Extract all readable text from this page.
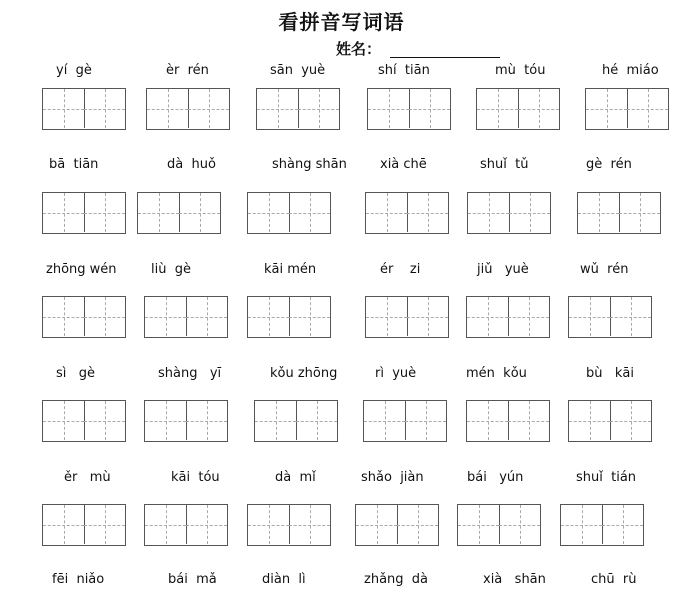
看拼音写词语
姓名：
yí  gè	èr  rén	sān  yuè	shí  tiān	mù  tóu	hé  miáo
bā  tiān	dà  huǒ	shàng shān	xià chē	shuǐ  tǔ	gè  rén
zhōng wén	liù  gè	kāi mén	ér    zi	jiǔ   yuè	wǔ  rén
sì   gè	shàng   yī	kǒu zhōng	rì  yuè	mén  kǒu	bù   kāi
ěr   mù	kāi  tóu	dà  mǐ	shǎo  jiàn	bái   yún	shuǐ  tián
fēi  niǎo	bái  mǎ	diàn  lì	zhǎng  dà	xià   shān	chū  rù
